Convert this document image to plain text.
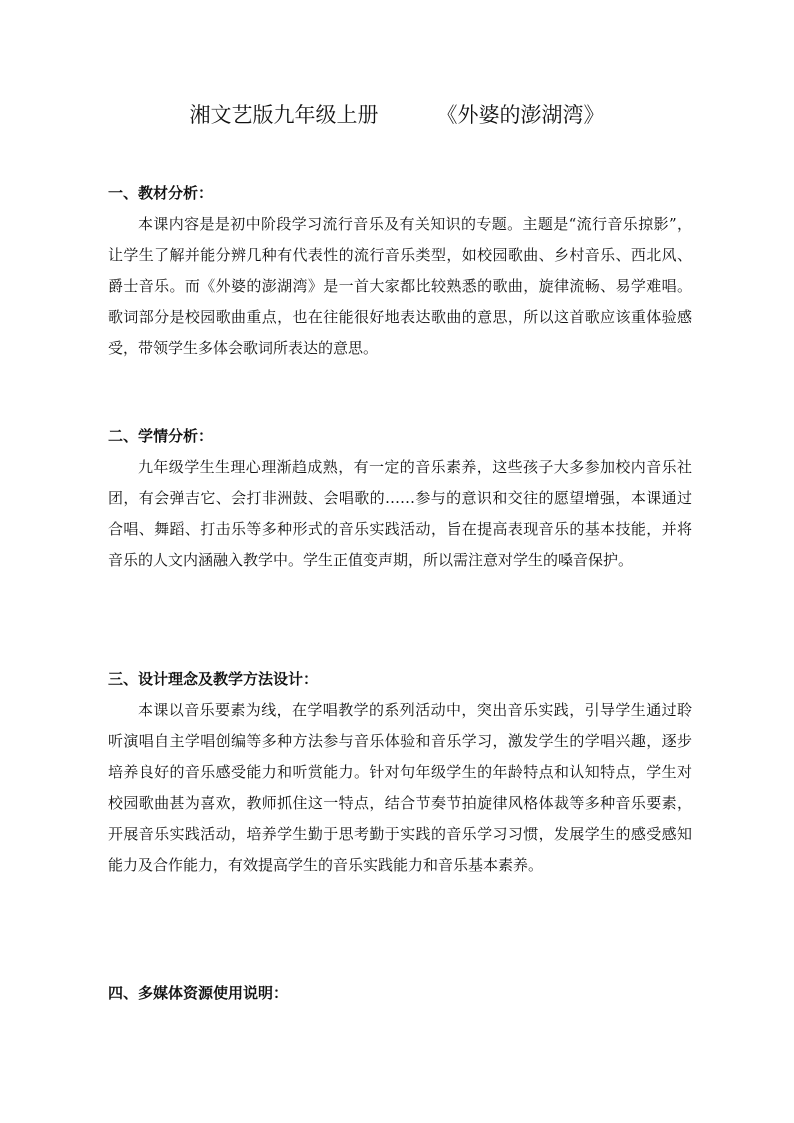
湘文艺版九年级上册	《外婆的澎湖湾》

一、教材分析：

本课内容是是初中阶段学习流行音乐及有关知识的专题。主题是“流行音乐掠影”，让学生了解并能分辨几种有代表性的流行音乐类型，如校园歌曲、乡村音乐、西北风、爵士音乐。而《外婆的澎湖湾》是一首大家都比较熟悉的歌曲，旋律流畅、易学难唱。歌词部分是校园歌曲重点，也在往能很好地表达歌曲的意思，所以这首歌应该重体验感受，带领学生多体会歌词所表达的意思。

二、学情分析：

九年级学生生理心理渐趋成熟，有一定的音乐素养，这些孩子大多参加校内音乐社团，有会弹吉它、会打非洲鼓、会唱歌的……参与的意识和交往的愿望增强，本课通过合唱、舞蹈、打击乐等多种形式的音乐实践活动，旨在提高表现音乐的基本技能，并将音乐的人文内涵融入教学中。学生正值变声期，所以需注意对学生的嗓音保护。

三、设计理念及教学方法设计：

本课以音乐要素为线，在学唱教学的系列活动中，突出音乐实践，引导学生通过聆听演唱自主学唱创编等多种方法参与音乐体验和音乐学习，激发学生的学唱兴趣，逐步培养良好的音乐感受能力和听赏能力。针对句年级学生的年龄特点和认知特点，学生对校园歌曲甚为喜欢，教师抓住这一特点，结合节奏节拍旋律风格体裁等多种音乐要素，开展音乐实践活动，培养学生勤于思考勤于实践的音乐学习习惯，发展学生的感受感知能力及合作能力，有效提高学生的音乐实践能力和音乐基本素养。

四、多媒体资源使用说明：
